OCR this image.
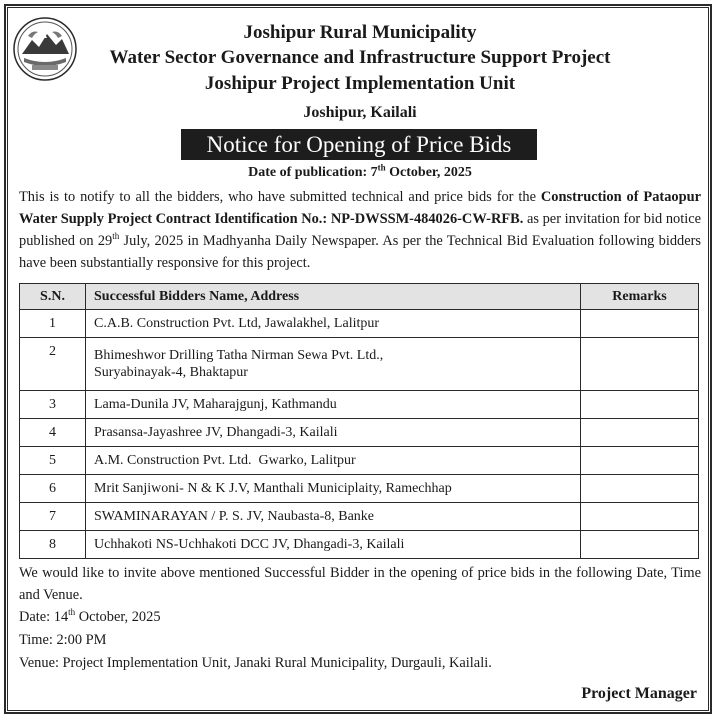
Joshipur Rural Municipality
Water Sector Governance and Infrastructure Support Project
Joshipur Project Implementation Unit
Joshipur, Kailali
Notice for Opening of Price Bids
Date of publication: 7th October, 2025
This is to notify to all the bidders, who have submitted technical and price bids for the Construction of Pataopur Water Supply Project Contract Identification No.: NP-DWSSM-484026-CW-RFB. as per invitation for bid notice published on 29th July, 2025 in Madhyanha Daily Newspaper. As per the Technical Bid Evaluation following bidders have been substantially responsive for this project.
S.N.	Successful Bidders Name, Address	Remarks
1	C.A.B. Construction Pvt. Ltd, Jawalakhel, Lalitpur	
2	Bhimeshwor Drilling Tatha Nirman Sewa Pvt. Ltd.,
Suryabinayak-4, Bhaktapur	
3	Lama-Dunila JV, Maharajgunj, Kathmandu	
4	Prasansa-Jayashree JV, Dhangadi-3, Kailali	
5	A.M. Construction Pvt. Ltd.  Gwarko, Lalitpur	
6	Mrit Sanjiwoni- N & K J.V, Manthali Municiplaity, Ramechhap	
7	SWAMINARAYAN / P. S. JV, Naubasta-8, Banke	
8	Uchhakoti NS-Uchhakoti DCC JV, Dhangadi-3, Kailali	
We would like to invite above mentioned Successful Bidder in the opening of price bids in the following Date, Time and Venue.
Date: 14th October, 2025
Time: 2:00 PM
Venue: Project Implementation Unit, Janaki Rural Municipality, Durgauli, Kailali.
Project Manager
